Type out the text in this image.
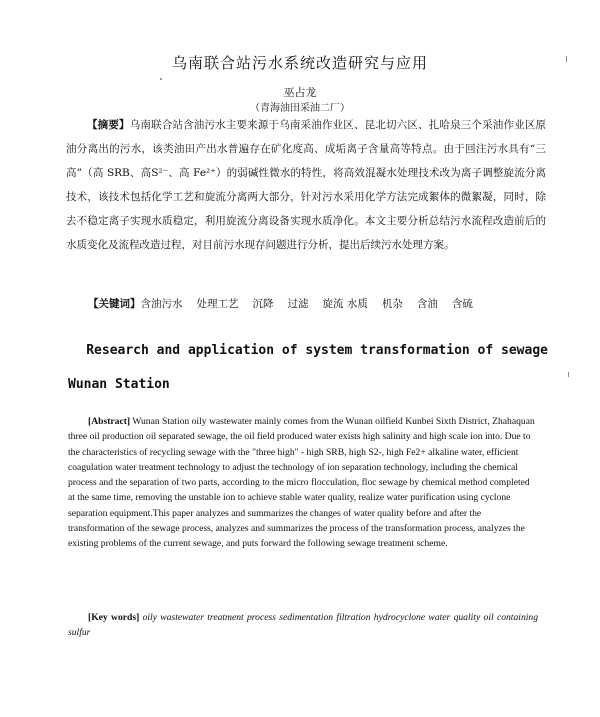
乌南联合站污水系统改造研究与应用
巫占龙
（青海油田采油二厂）

【摘要】乌南联合站含油污水主要来源于乌南采油作业区、昆北切六区、扎哈泉三个采油作业区原油分离出的污水，该类油田产出水普遍存在矿化度高、成垢离子含量高等特点。由于回注污水具有“三高”（高 SRB、高S²⁻、高 Fe²⁺）的弱碱性微水的特性，将高效混凝水处理技术改为离子调整旋流分离技术，该技术包括化学工艺和旋流分离两大部分，针对污水采用化学方法完成絮体的微絮凝，同时，除去不稳定离子实现水质稳定，利用旋流分离设备实现水质净化。本文主要分析总结污水流程改造前后的水质变化及流程改造过程，对目前污水现存问题进行分析，提出后续污水处理方案。

【关键词】含油污水 处理工艺 沉降 过滤 旋流 水质 机杂 含油 含硫

Research and application of system transformation of sewage
Wunan Station

[Abstract] Wunan Station oily wastewater mainly comes from the Wunan oilfield Kunbei Sixth District, Zhahaquan three oil production oil separated sewage, the oil field produced water exists high salinity and high scale ion into. Due to the characteristics of recycling sewage with the "three high" - high SRB, high S2-, high Fe2+ alkaline water, efficient coagulation water treatment technology to adjust the technology of ion separation technology, including the chemical process and the separation of two parts, according to the micro flocculation, floc sewage by chemical method completed at the same time, removing the unstable ion to achieve stable water quality, realize water purification using cyclone separation equipment.This paper analyzes and summarizes the changes of water quality before and after the transformation of the sewage process, analyzes and summarizes the process of the transformation process, analyzes the existing problems of the current sewage, and puts forward the following sewage treatment scheme.

[Key words] oily wastewater treatment process sedimentation filtration hydrocyclone water quality oil containing sulfur
